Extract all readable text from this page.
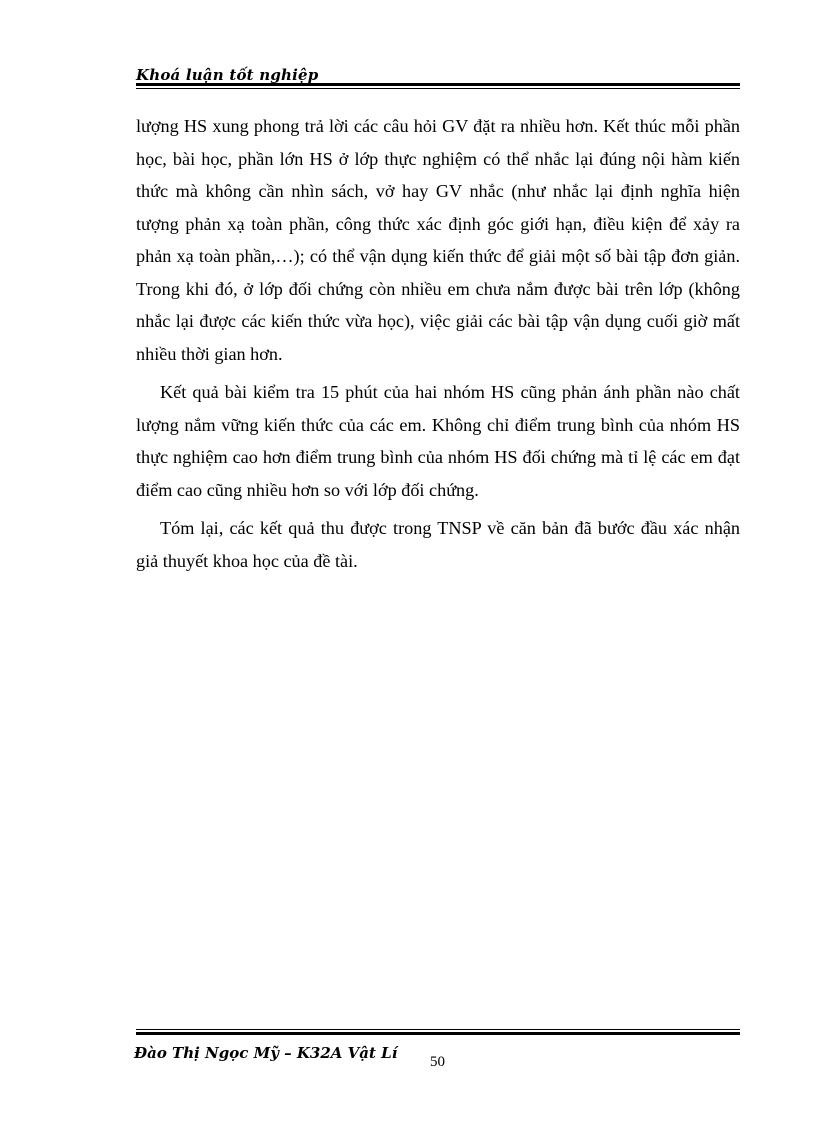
Khoá luận tốt nghiệp

lượng HS xung phong trả lời các câu hỏi GV đặt ra nhiều hơn. Kết thúc mỗi phần học, bài học, phần lớn HS ở lớp thực nghiệm có thể nhắc lại đúng nội hàm kiến thức mà không cần nhìn sách, vở hay GV nhắc (như nhắc lại định nghĩa hiện tượng phản xạ toàn phần, công thức xác định góc giới hạn, điều kiện để xảy ra phản xạ toàn phần,…); có thể vận dụng kiến thức để giải một số bài tập đơn giản. Trong khi đó, ở lớp đối chứng còn nhiều em chưa nắm được bài trên lớp (không nhắc lại được các kiến thức vừa học), việc giải các bài tập vận dụng cuối giờ mất nhiều thời gian hơn.

Kết quả bài kiểm tra 15 phút của hai nhóm HS cũng phản ánh phần nào chất lượng nắm vững kiến thức của các em. Không chỉ điểm trung bình của nhóm HS thực nghiệm cao hơn điểm trung bình của nhóm HS đối chứng mà tỉ lệ các em đạt điểm cao cũng nhiều hơn so với lớp đối chứng.

Tóm lại, các kết quả thu được trong TNSP về căn bản đã bước đầu xác nhận giả thuyết khoa học của đề tài.

Đào Thị Ngọc Mỹ – K32A Vật Lí 50
